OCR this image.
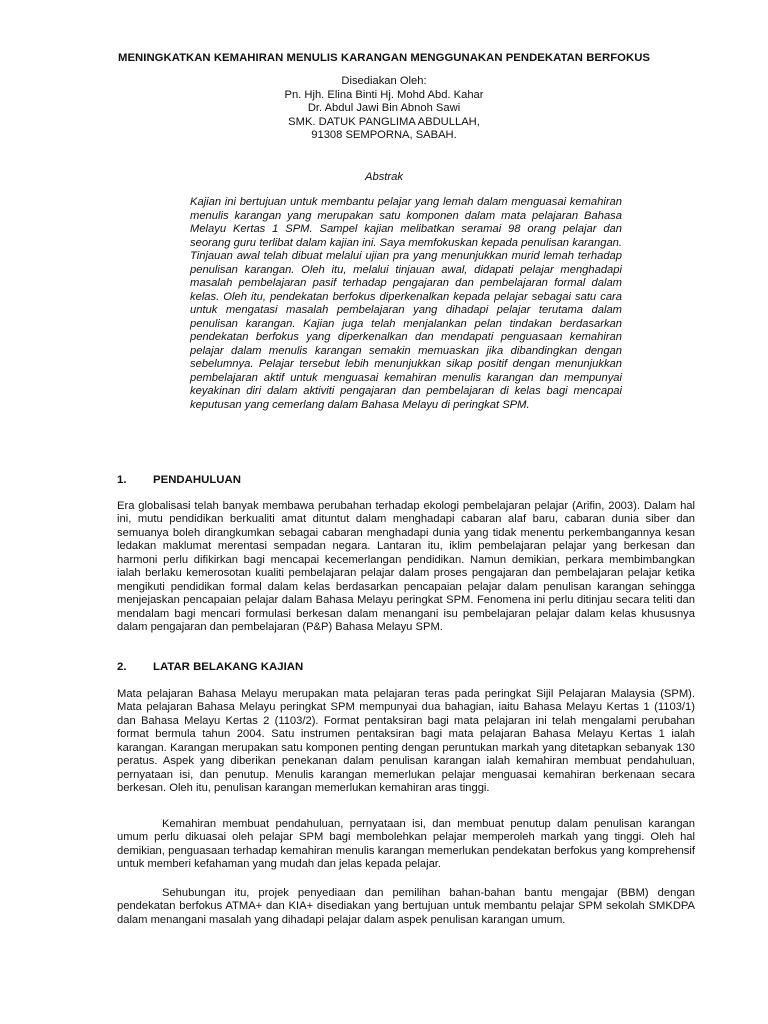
MENINGKATKAN KEMAHIRAN MENULIS KARANGAN MENGGUNAKAN PENDEKATAN BERFOKUS
Disediakan Oleh:
Pn. Hjh. Elina Binti Hj. Mohd Abd. Kahar
Dr. Abdul Jawi Bin Abnoh Sawi
SMK. DATUK PANGLIMA ABDULLAH,
91308 SEMPORNA, SABAH.
Abstrak

Kajian ini bertujuan untuk membantu pelajar yang lemah dalam menguasai kemahiran menulis karangan yang merupakan satu komponen dalam mata pelajaran Bahasa Melayu Kertas 1 SPM. Sampel kajian melibatkan seramai 98 orang pelajar dan seorang guru terlibat dalam kajian ini. Saya memfokuskan kepada penulisan karangan. Tinjauan awal telah dibuat melalui ujian pra yang menunjukkan murid lemah terhadap penulisan karangan. Oleh itu, melalui tinjauan awal, didapati pelajar menghadapi masalah pembelajaran pasif terhadap pengajaran dan pembelajaran formal dalam kelas. Oleh itu, pendekatan berfokus diperkenalkan kepada pelajar sebagai satu cara untuk mengatasi masalah pembelajaran yang dihadapi pelajar terutama dalam penulisan karangan. Kajian juga telah menjalankan pelan tindakan berdasarkan pendekatan berfokus yang diperkenalkan dan mendapati penguasaan kemahiran pelajar dalam menulis karangan semakin memuaskan jika dibandingkan dengan sebelumnya. Pelajar tersebut lebih menunjukkan sikap positif dengan menunjukkan pembelajaran aktif untuk menguasai kemahiran menulis karangan dan mempunyai keyakinan diri dalam aktiviti pengajaran dan pembelajaran di kelas bagi mencapai keputusan yang cemerlang dalam Bahasa Melayu di peringkat SPM.

1. PENDAHULUAN

Era globalisasi telah banyak membawa perubahan terhadap ekologi pembelajaran pelajar (Arifin, 2003). Dalam hal ini, mutu pendidikan berkualiti amat dituntut dalam menghadapi cabaran alaf baru, cabaran dunia siber dan semuanya boleh dirangkumkan sebagai cabaran menghadapi dunia yang tidak menentu perkembangannya kesan ledakan maklumat merentasi sempadan negara. Lantaran itu, iklim pembelajaran pelajar yang berkesan dan harmoni perlu difikirkan bagi mencapai kecemerlangan pendidikan. Namun demikian, perkara membimbangkan ialah berlaku kemerosotan kualiti pembelajaran pelajar dalam proses pengajaran dan pembelajaran pelajar ketika mengikuti pendidikan formal dalam kelas berdasarkan pencapaian pelajar dalam penulisan karangan sehingga menjejaskan pencapaian pelajar dalam Bahasa Melayu peringkat SPM. Fenomena ini perlu ditinjau secara teliti dan mendalam bagi mencari formulasi berkesan dalam menangani isu pembelajaran pelajar dalam kelas khususnya dalam pengajaran dan pembelajaran (P&P) Bahasa Melayu SPM.

2. LATAR BELAKANG KAJIAN

Mata pelajaran Bahasa Melayu merupakan mata pelajaran teras pada peringkat Sijil Pelajaran Malaysia (SPM). Mata pelajaran Bahasa Melayu peringkat SPM mempunyai dua bahagian, iaitu Bahasa Melayu Kertas 1 (1103/1) dan Bahasa Melayu Kertas 2 (1103/2). Format pentaksiran bagi mata pelajaran ini telah mengalami perubahan format bermula tahun 2004. Satu instrumen pentaksiran bagi mata pelajaran Bahasa Melayu Kertas 1 ialah karangan. Karangan merupakan satu komponen penting dengan peruntukan markah yang ditetapkan sebanyak 130 peratus. Aspek yang diberikan penekanan dalam penulisan karangan ialah kemahiran membuat pendahuluan, pernyataan isi, dan penutup. Menulis karangan memerlukan pelajar menguasai kemahiran berkenaan secara berkesan. Oleh itu, penulisan karangan memerlukan kemahiran aras tinggi.

Kemahiran membuat pendahuluan, pernyataan isi, dan membuat penutup dalam penulisan karangan umum perlu dikuasai oleh pelajar SPM bagi membolehkan pelajar memperoleh markah yang tinggi. Oleh hal demikian, penguasaan terhadap kemahiran menulis karangan memerlukan pendekatan berfokus yang komprehensif untuk memberi kefahaman yang mudah dan jelas kepada pelajar.

Sehubungan itu, projek penyediaan dan pemilihan bahan-bahan bantu mengajar (BBM) dengan pendekatan berfokus ATMA+ dan KIA+ disediakan yang bertujuan untuk membantu pelajar SPM sekolah SMKDPA dalam menangani masalah yang dihadapi pelajar dalam aspek penulisan karangan umum.
